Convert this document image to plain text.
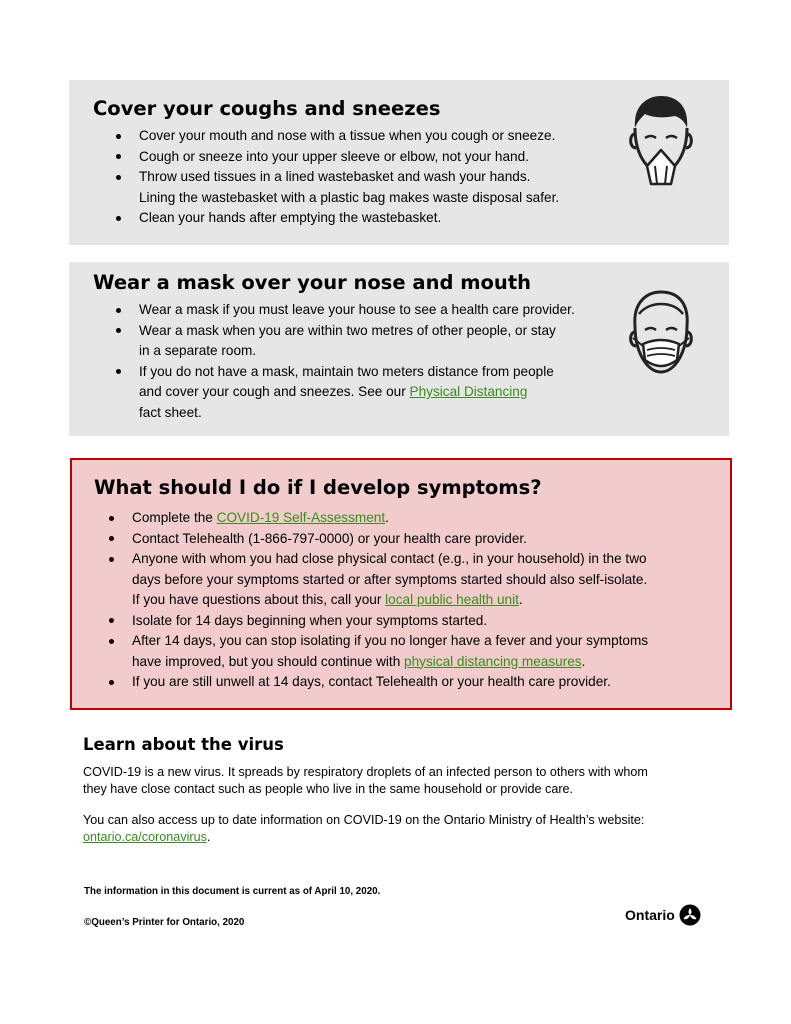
Cover your coughs and sneezes
Cover your mouth and nose with a tissue when you cough or sneeze.
Cough or sneeze into your upper sleeve or elbow, not your hand.
Throw used tissues in a lined wastebasket and wash your hands.
Lining the wastebasket with a plastic bag makes waste disposal safer.
Clean your hands after emptying the wastebasket.
Wear a mask over your nose and mouth
Wear a mask if you must leave your house to see a health care provider.
Wear a mask when you are within two metres of other people, or stay
in a separate room.
If you do not have a mask, maintain two meters distance from people
and cover your cough and sneezes. See our Physical Distancing
fact sheet.
What should I do if I develop symptoms?
Complete the COVID-19 Self-Assessment.
Contact Telehealth (1-866-797-0000) or your health care provider.
Anyone with whom you had close physical contact (e.g., in your household) in the two
days before your symptoms started or after symptoms started should also self-isolate.
If you have questions about this, call your local public health unit.
Isolate for 14 days beginning when your symptoms started.
After 14 days, you can stop isolating if you no longer have a fever and your symptoms
have improved, but you should continue with physical distancing measures.
If you are still unwell at 14 days, contact Telehealth or your health care provider.
Learn about the virus

COVID-19 is a new virus. It spreads by respiratory droplets of an infected person to others with whom
they have close contact such as people who live in the same household or provide care.

You can also access up to date information on COVID-19 on the Ontario Ministry of Health’s website:
ontario.ca/coronavirus.

The information in this document is current as of April 10, 2020.

©Queen’s Printer for Ontario, 2020	Ontario
